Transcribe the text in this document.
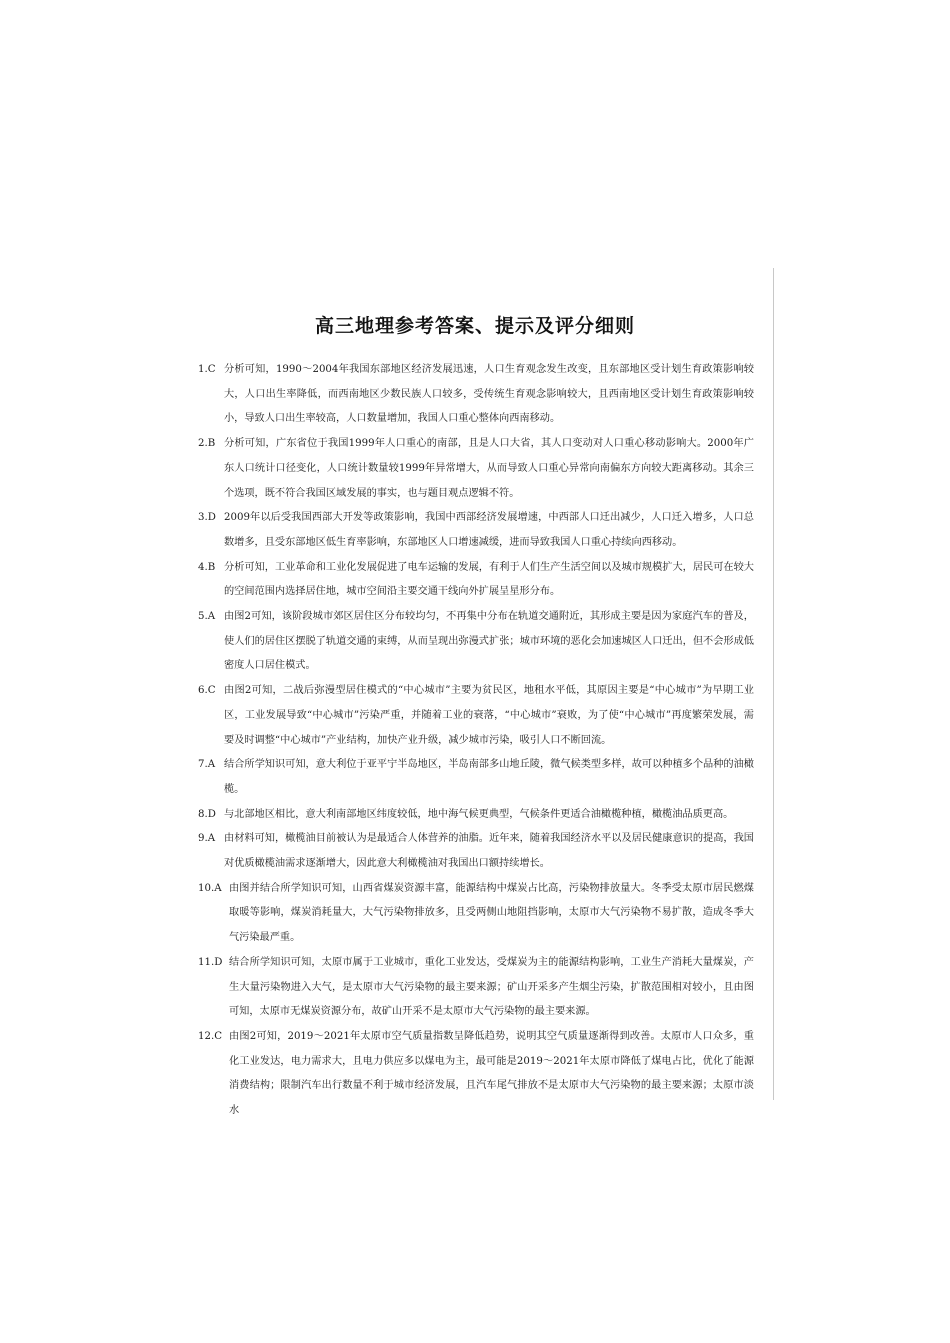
高三地理参考答案、提示及评分细则
1.C 分析可知，1990～2004年我国东部地区经济发展迅速，人口生育观念发生改变，且东部地区受计划生育政策影响较大，人口出生率降低，而西南地区少数民族人口较多，受传统生育观念影响较大，且西南地区受计划生育政策影响较小，导致人口出生率较高，人口数量增加，我国人口重心整体向西南移动。
2.B 分析可知，广东省位于我国1999年人口重心的南部，且是人口大省，其人口变动对人口重心移动影响大。2000年广东人口统计口径变化，人口统计数量较1999年异常增大，从而导致人口重心异常向南偏东方向较大距离移动。其余三个选项，既不符合我国区域发展的事实，也与题目观点逻辑不符。
3.D 2009年以后受我国西部大开发等政策影响，我国中西部经济发展增速，中西部人口迁出减少，人口迁入增多，人口总数增多，且受东部地区低生育率影响，东部地区人口增速减缓，进而导致我国人口重心持续向西移动。
4.B 分析可知，工业革命和工业化发展促进了电车运输的发展，有利于人们生产生活空间以及城市规模扩大，居民可在较大的空间范围内选择居住地，城市空间沿主要交通干线向外扩展呈星形分布。
5.A 由图2可知，该阶段城市郊区居住区分布较均匀，不再集中分布在轨道交通附近，其形成主要是因为家庭汽车的普及，使人们的居住区摆脱了轨道交通的束缚，从而呈现出弥漫式扩张；城市环境的恶化会加速城区人口迁出，但不会形成低密度人口居住模式。
6.C 由图2可知，二战后弥漫型居住模式的“中心城市”主要为贫民区，地租水平低，其原因主要是“中心城市”为早期工业区，工业发展导致“中心城市”污染严重，并随着工业的衰落，“中心城市”衰败，为了使“中心城市”再度繁荣发展，需要及时调整“中心城市”产业结构，加快产业升级，减少城市污染，吸引人口不断回流。
7.A 结合所学知识可知，意大利位于亚平宁半岛地区，半岛南部多山地丘陵，微气候类型多样，故可以种植多个品种的油橄榄。
8.D 与北部地区相比，意大利南部地区纬度较低，地中海气候更典型，气候条件更适合油橄榄种植，橄榄油品质更高。
9.A 由材料可知，橄榄油目前被认为是最适合人体营养的油脂。近年来，随着我国经济水平以及居民健康意识的提高，我国对优质橄榄油需求逐渐增大，因此意大利橄榄油对我国出口额持续增长。
10.A 由图并结合所学知识可知，山西省煤炭资源丰富，能源结构中煤炭占比高，污染物排放量大。冬季受太原市居民燃煤取暖等影响，煤炭消耗量大，大气污染物排放多，且受两侧山地阻挡影响，太原市大气污染物不易扩散，造成冬季大气污染最严重。
11.D 结合所学知识可知，太原市属于工业城市，重化工业发达，受煤炭为主的能源结构影响，工业生产消耗大量煤炭，产生大量污染物进入大气，是太原市大气污染物的最主要来源；矿山开采多产生烟尘污染，扩散范围相对较小，且由图可知，太原市无煤炭资源分布，故矿山开采不是太原市大气污染物的最主要来源。
12.C 由图2可知，2019～2021年太原市空气质量指数呈降低趋势，说明其空气质量逐渐得到改善。太原市人口众多，重化工业发达，电力需求大，且电力供应多以煤电为主，最可能是2019～2021年太原市降低了煤电占比，优化了能源消费结构；限制汽车出行数量不利于城市经济发展，且汽车尾气排放不是太原市大气污染物的最主要来源；太原市淡水
